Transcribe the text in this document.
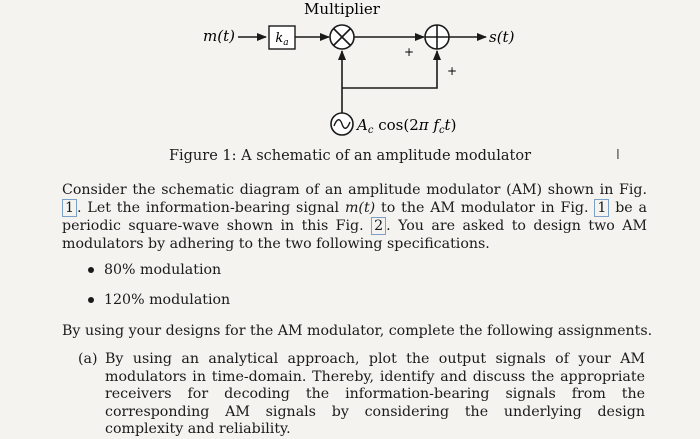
Multiplier
m(t)	$k_a$
+
+
s(t)
$A_c$ cos(2π $f_ct$)
Figure 1: A schematic of an amplitude modulator	I
Consider the schematic diagram of an amplitude modulator (AM) shown in Fig. 1 . Let the information-bearing signal m(t) to the AM modulator in Fig. 1 be a periodic square-wave shown in this Fig. 2 . You are asked to design two AM modulators by adhering to the two following specifications.
80% modulation
120% modulation
By using your designs for the AM modulator, complete the following assignments.
(a) By using an analytical approach, plot the output signals of your AM modulators in time-domain. Thereby, identify and discuss the appropriate receivers for decoding the information-bearing signals from the corresponding AM signals by considering the underlying design complexity and reliability.
